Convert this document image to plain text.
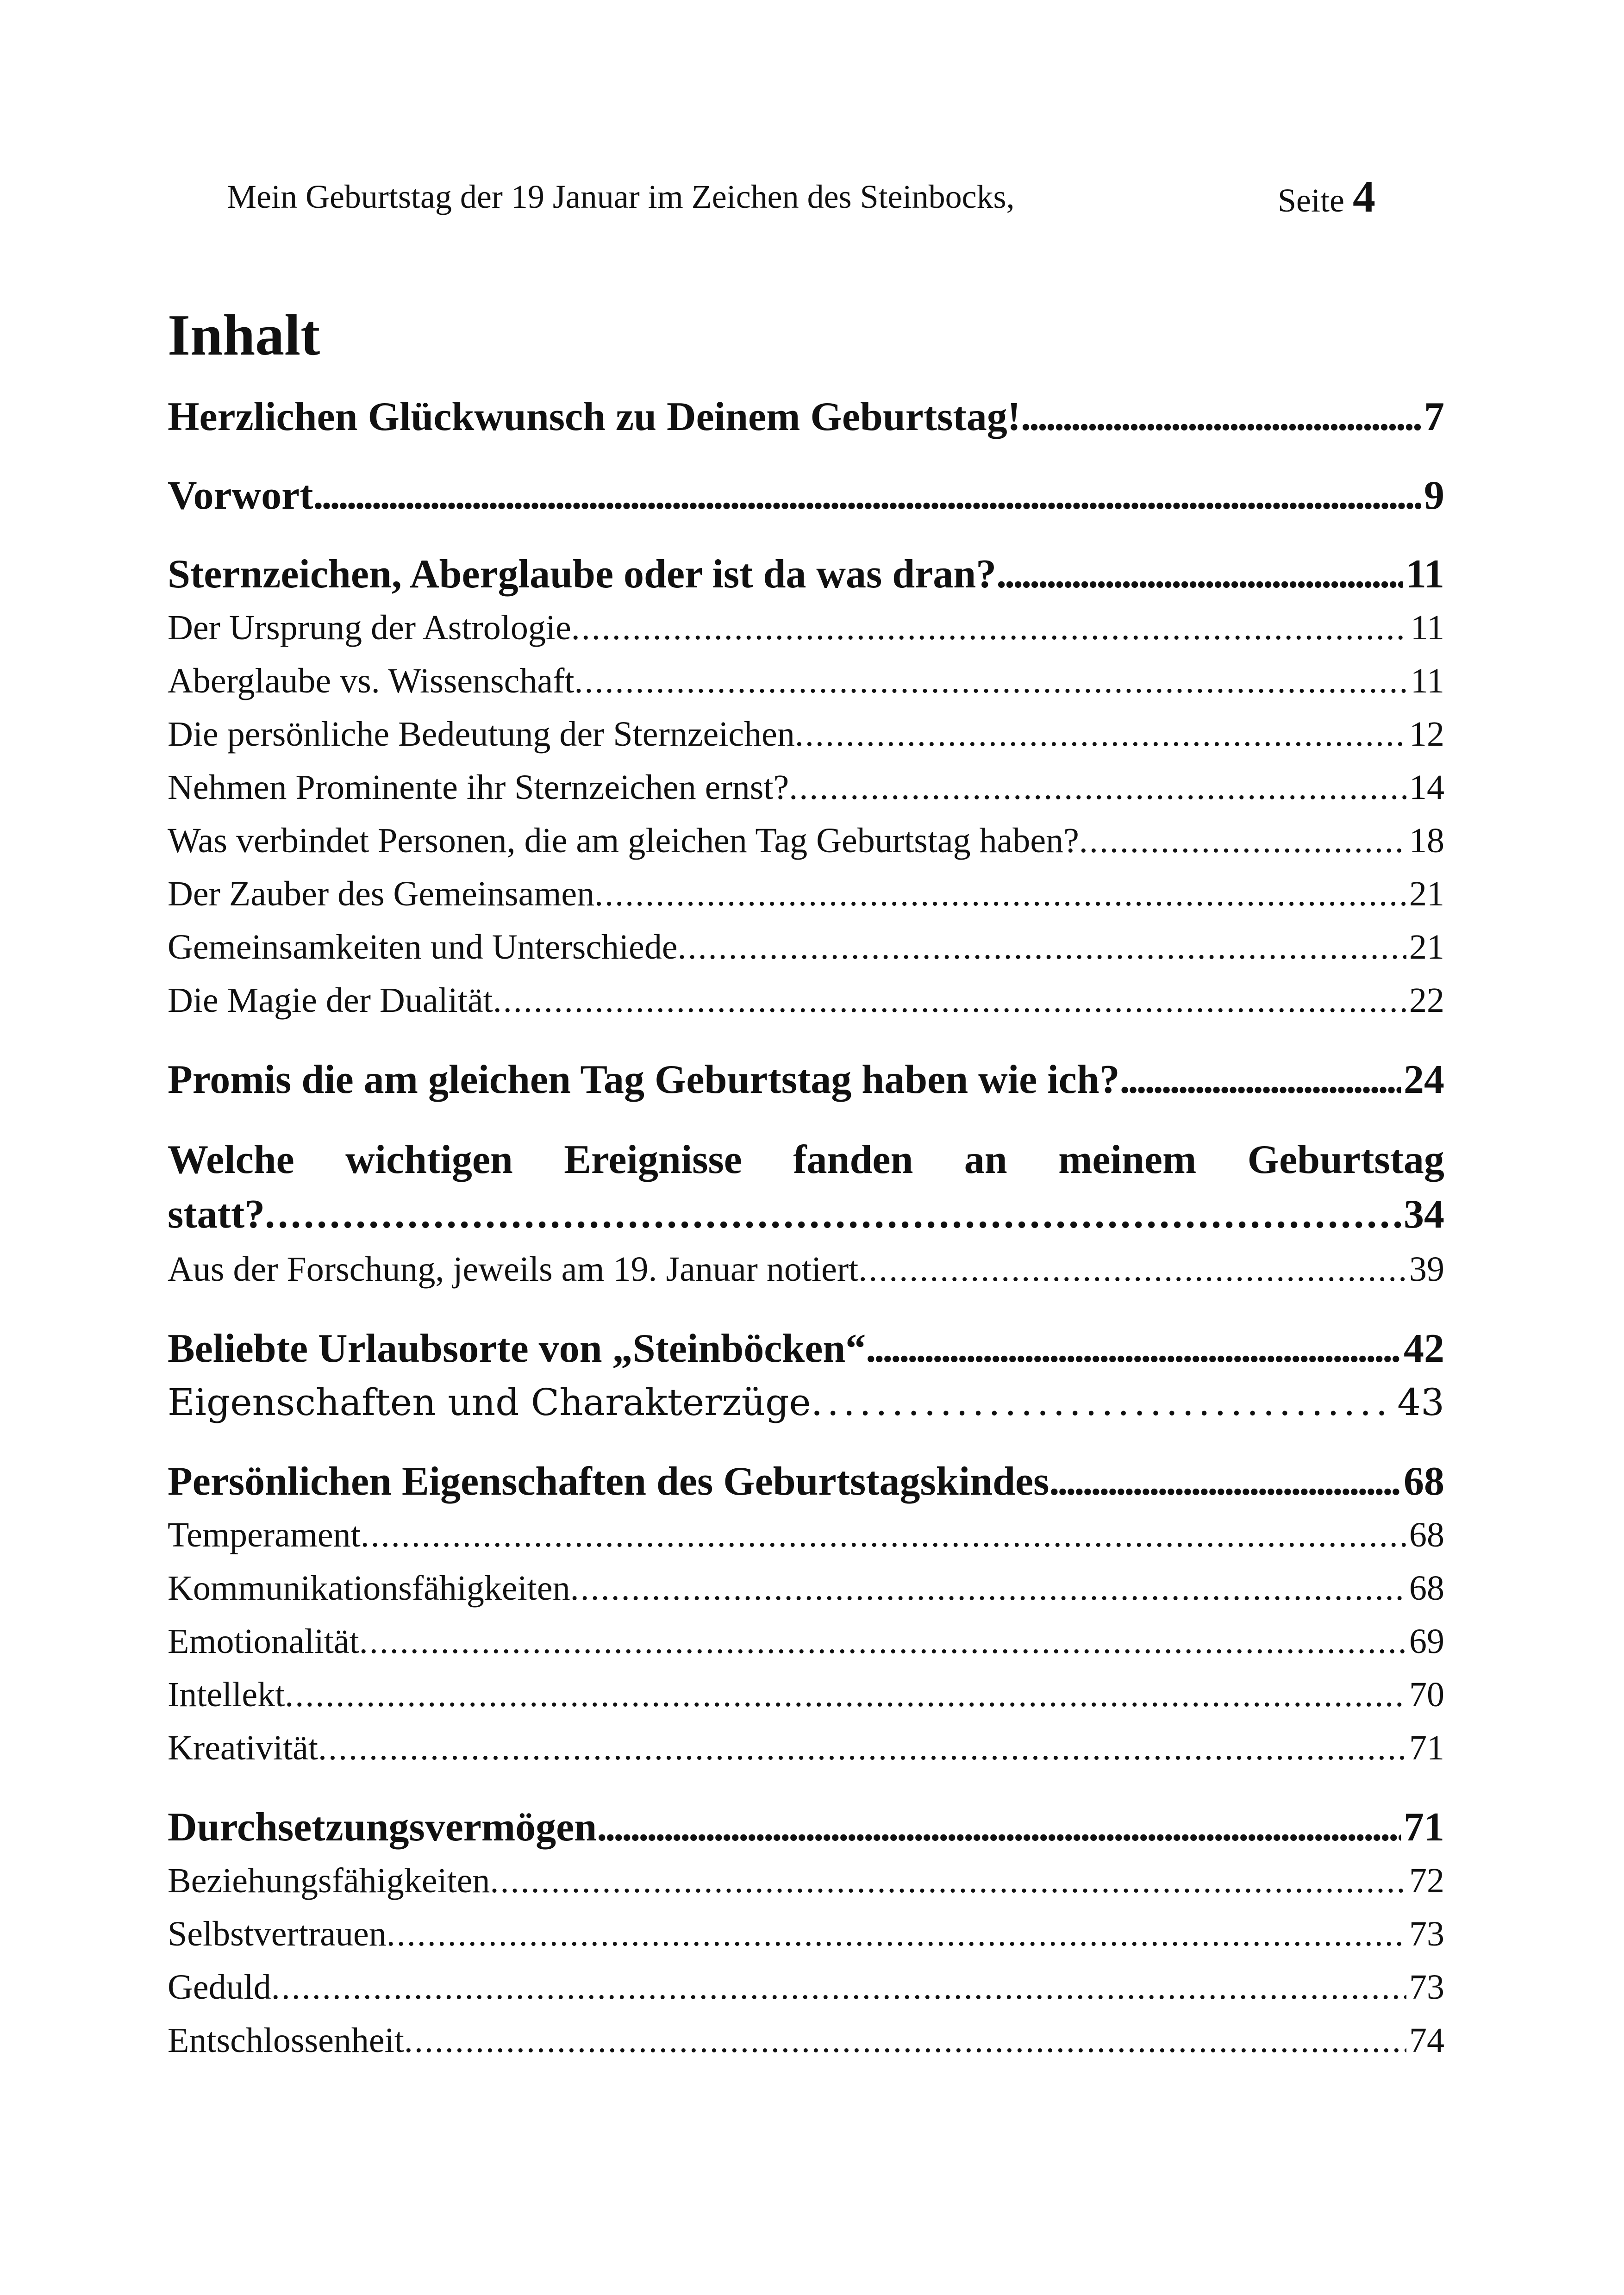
Mein Geburtstag der 19 Januar im Zeichen des Steinbocks,	Seite 4
Inhalt
Herzlichen Glückwunsch zu Deinem Geburtstag! . . .	7
Vorwort . . .	9
Sternzeichen, Aberglaube oder ist da was dran? . . .	11
Der Ursprung der Astrologie . . .	11
Aberglaube vs. Wissenschaft . . .	11
Die persönliche Bedeutung der Sternzeichen . . .	12
Nehmen Prominente ihr Sternzeichen ernst? . . .	14
Was verbindet Personen, die am gleichen Tag Geburtstag haben? . . .	18
Der Zauber des Gemeinsamen . . .	21
Gemeinsamkeiten und Unterschiede . . .	21
Die Magie der Dualität . . .	22
Promis die am gleichen Tag Geburtstag haben wie ich? . . .	24
Welche wichtigen Ereignisse fanden an meinem Geburtstag
statt? . . .	34
Aus der Forschung, jeweils am 19. Januar notiert . . .	39
Beliebte Urlaubsorte von „Steinböcken“ . . .	42
Eigenschaften und Charakterzüge . . .	43
Persönlichen Eigenschaften des Geburtstagskindes . . .	68
Temperament . . .	68
Kommunikationsfähigkeiten . . .	68
Emotionalität . . .	69
Intellekt . . .	70
Kreativität . . .	71
Durchsetzungsvermögen . . .	71
Beziehungsfähigkeiten . . .	72
Selbstvertrauen . . .	73
Geduld . . .	73
Entschlossenheit . . .	74
